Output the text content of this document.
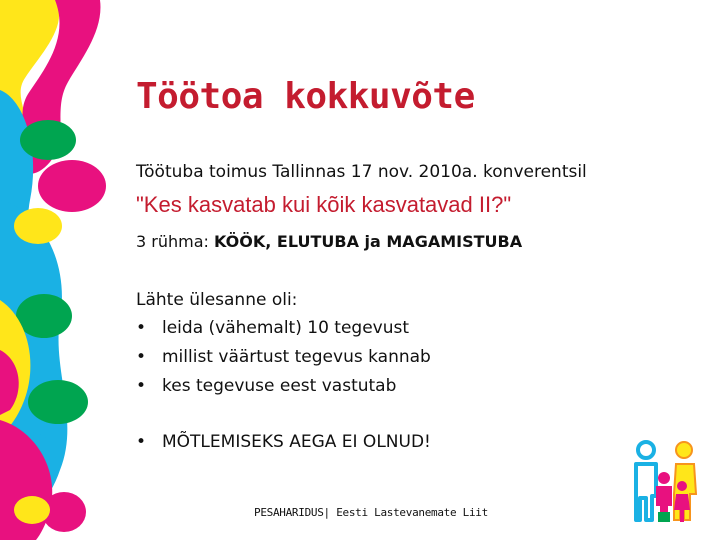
Töötoa kokkuvõte
Töötuba toimus Tallinnas 17 nov. 2010a. konverentsil
"Kes kasvatab kui kõik kasvatavad II?"
3 rühma: KÖÖK, ELUTUBA ja MAGAMISTUBA
Lähte ülesanne oli:
• leida (vähemalt) 10 tegevust
• millist väärtust tegevus kannab
• kes tegevuse eest vastutab
• MÕTLEMISEKS AEGA EI OLNUD!
PESAHARIDUS| Eesti Lastevanemate Liit
